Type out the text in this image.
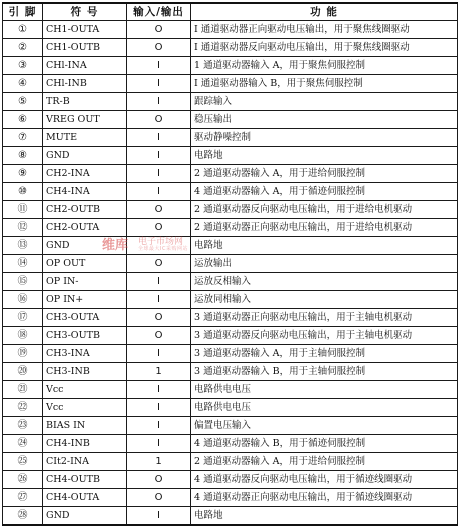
引 脚	符 号	输入/输出	功 能
①	CH1-OUTA	O	I 通道驱动器正向驱动电压输出，用于聚焦线圈驱动
②	CH1-OUTB	O	I 通道驱动器反向驱动电压输出，用于聚焦线圈驱动
③	CHl-INA	I	1 通道驱动器输入 A，用于聚焦伺服控制
④	CHl-INB	I	I 通道驱动器输入 B，用于聚焦伺服控制
⑤	TR-B	I	跟踪输入
⑥	VREG OUT	O	稳压输出
⑦	MUTE	I	驱动静噪控制
⑧	GND	I	电路地
⑨	CH2-INA	I	2 通道驱动器输入 A，用于进给伺服控制
⑩	CH4-INA	I	4 通道驱动器输入 A，用于循迹伺服控制
⑪	CH2-OUTB	O	2 通道驱动器反向驱动电压输出，用于进给电机驱动
⑫	CH2-OUTA	O	2 通道驱动器正向驱动电压输出，用于进给电机驱动
⑬	GND		电路地
⑭	OP OUT	O	运放输出
⑮	OP IN-	I	运放反相输入
⑯	OP IN+	I	运放同相输入
⑰	CH3-OUTA	O	3 通道驱动器正向驱动电压输出，用于主轴电机驱动
⑱	CH3-OUTB	O	3 通道驱动器反向驱动电压输出，用于主轴电机驱动
⑲	CH3-INA	I	3 通道驱动器输入 A，用于主轴伺服控制
⑳	CH3-INB	1	3 通道驱动器输入 B，用于主轴伺服控制
㉑	Vcc	I	电路供电电压
㉒	Vcc	I	电路供电电压
㉓	BIAS IN	I	偏置电压输入
㉔	CH4-INB	I	4 通道驱动器输入 B，用于循迹伺服控制
㉕	CIt2-INA	1	2 通道驱动器输入 A，用于进给伺服控制
㉖	CH4-OUTB	O	4 通道驱动器反向驱动电压输出，用于循迹线圈驱动
㉗	CH4-OUTA	O	4 通道驱动器正向驱动电压输出，用于循迹线圈驱动
㉘	GND	I	电路地
维库 电子市场网
全球最大IC采购网站
